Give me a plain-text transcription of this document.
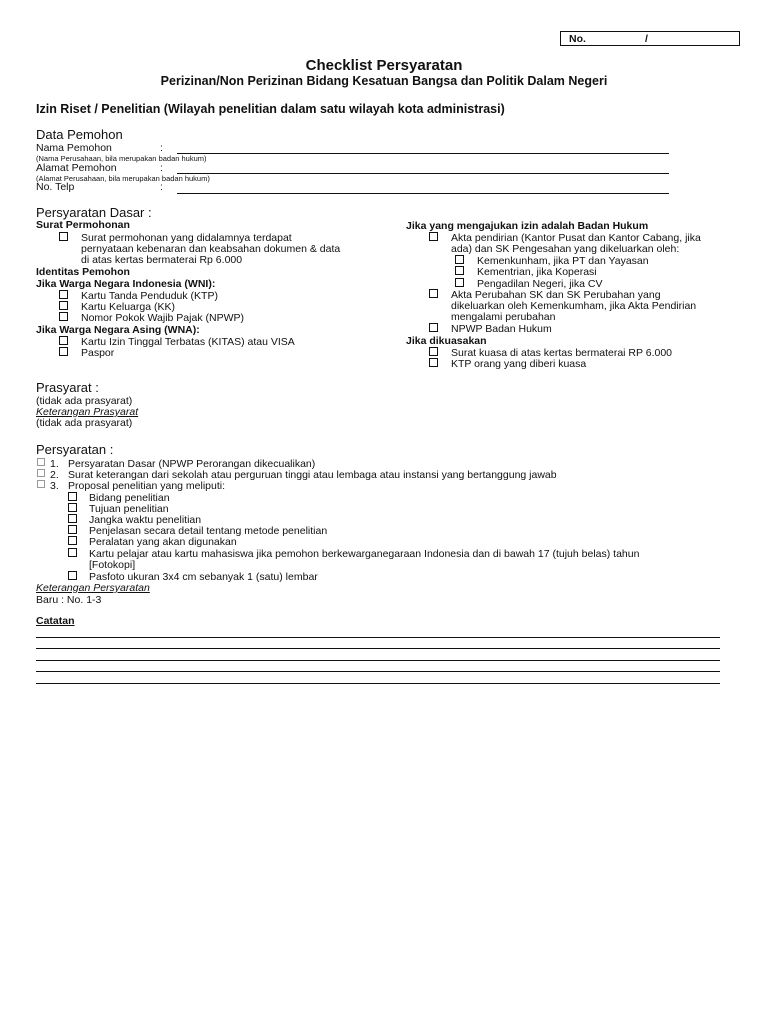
No.	/
Checklist Persyaratan
Perizinan/Non Perizinan Bidang Kesatuan Bangsa dan Politik Dalam Negeri
Izin Riset / Penelitian (Wilayah penelitian dalam satu wilayah kota administrasi)
Data Pemohon
Nama Pemohon	:
(Nama Perusahaan, bila merupakan badan hukum)
Alamat Pemohon	:
(Alamat Perusahaan, bila merupakan badan hukum)
No. Telp	:
Persyaratan Dasar :
Surat Permohonan
Surat permohonan yang didalamnya terdapat
pernyataan kebenaran dan keabsahan dokumen & data
di atas kertas bermaterai Rp 6.000
Identitas Pemohon
Jika Warga Negara Indonesia (WNI):
Kartu Tanda Penduduk (KTP)
Kartu Keluarga (KK)
Nomor Pokok Wajib Pajak (NPWP)
Jika Warga Negara Asing (WNA):
Kartu Izin Tinggal Terbatas (KITAS) atau VISA
Paspor
Jika yang mengajukan izin adalah Badan Hukum
Akta pendirian (Kantor Pusat dan Kantor Cabang, jika
ada) dan SK Pengesahan yang dikeluarkan oleh:
Kemenkunham, jika PT dan Yayasan
Kementrian, jika Koperasi
Pengadilan Negeri, jika CV
Akta Perubahan SK dan SK Perubahan yang
dikeluarkan oleh Kemenkumham, jika Akta Pendirian
mengalami perubahan
NPWP Badan Hukum
Jika dikuasakan
Surat kuasa di atas kertas bermaterai RP 6.000
KTP orang yang diberi kuasa
Prasyarat :
(tidak ada prasyarat)
Keterangan Prasyarat
(tidak ada prasyarat)
Persyaratan :
1. Persyaratan Dasar (NPWP Perorangan dikecualikan)
2. Surat keterangan dari sekolah atau perguruan tinggi atau lembaga atau instansi yang bertanggung jawab
3. Proposal penelitian yang meliputi:
Bidang penelitian
Tujuan penelitian
Jangka waktu penelitian
Penjelasan secara detail tentang metode penelitian
Peralatan yang akan digunakan
Kartu pelajar atau kartu mahasiswa jika pemohon berkewarganegaraan Indonesia dan di bawah 17 (tujuh belas) tahun
[Fotokopi]
Pasfoto ukuran 3x4 cm sebanyak 1 (satu) lembar
Keterangan Persyaratan
Baru : No. 1-3
Catatan
